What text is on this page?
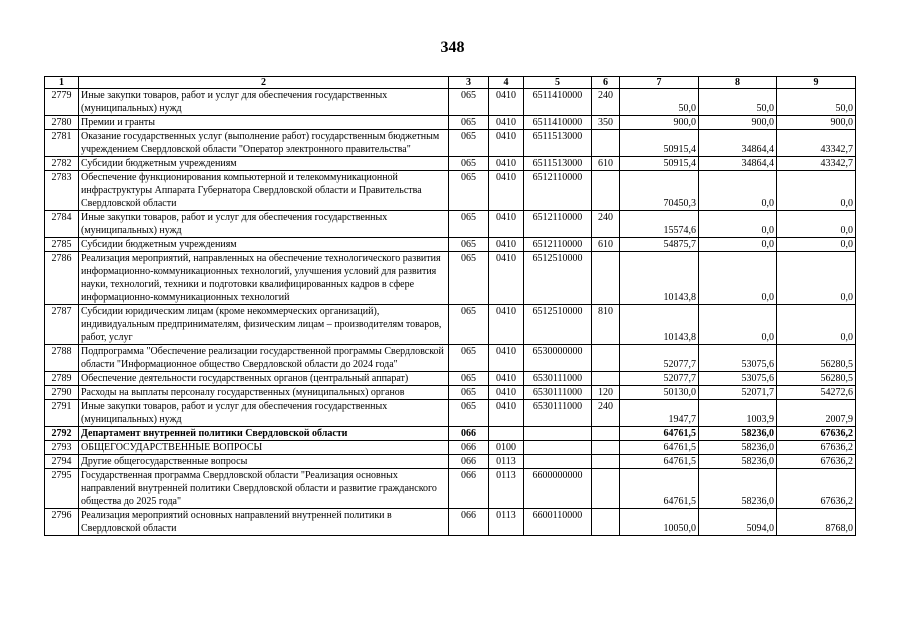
348
1	2	3	4	5	6	7	8	9
2779	Иные закупки товаров, работ и услуг для обеспечения государственных (муниципальных) нужд	065	0410	6511410000	240	50,0	50,0	50,0
2780	Премии и гранты	065	0410	6511410000	350	900,0	900,0	900,0
2781	Оказание государственных услуг (выполнение работ) государственным бюджетным учреждением Свердловской области "Оператор электронного правительства"	065	0410	6511513000		50915,4	34864,4	43342,7
2782	Субсидии бюджетным учреждениям	065	0410	6511513000	610	50915,4	34864,4	43342,7
2783	Обеспечение функционирования компьютерной и телекоммуникационной инфраструктуры Аппарата Губернатора Свердловской области и Правительства Свердловской области	065	0410	6512110000		70450,3	0,0	0,0
2784	Иные закупки товаров, работ и услуг для обеспечения государственных (муниципальных) нужд	065	0410	6512110000	240	15574,6	0,0	0,0
2785	Субсидии бюджетным учреждениям	065	0410	6512110000	610	54875,7	0,0	0,0
2786	Реализация мероприятий, направленных на обеспечение технологического развития информационно-коммуникационных технологий, улучшения условий для развития науки, технологий, техники и подготовки квалифицированных кадров в сфере информационно-коммуникационных технологий	065	0410	6512510000		10143,8	0,0	0,0
2787	Субсидии юридическим лицам (кроме некоммерческих организаций), индивидуальным предпринимателям, физическим лицам – производителям товаров, работ, услуг	065	0410	6512510000	810	10143,8	0,0	0,0
2788	Подпрограмма "Обеспечение реализации государственной программы Свердловской области "Информационное общество Свердловской области до 2024 года"	065	0410	6530000000		52077,7	53075,6	56280,5
2789	Обеспечение деятельности государственных органов (центральный аппарат)	065	0410	6530111000		52077,7	53075,6	56280,5
2790	Расходы на выплаты персоналу государственных (муниципальных) органов	065	0410	6530111000	120	50130,0	52071,7	54272,6
2791	Иные закупки товаров, работ и услуг для обеспечения государственных (муниципальных) нужд	065	0410	6530111000	240	1947,7	1003,9	2007,9
2792	Департамент внутренней политики Свердловской области	066				64761,5	58236,0	67636,2
2793	ОБЩЕГОСУДАРСТВЕННЫЕ ВОПРОСЫ	066	0100			64761,5	58236,0	67636,2
2794	Другие общегосударственные вопросы	066	0113			64761,5	58236,0	67636,2
2795	Государственная программа Свердловской области "Реализация основных направлений внутренней политики Свердловской области и развитие гражданского общества до 2025 года"	066	0113	6600000000		64761,5	58236,0	67636,2
2796	Реализация мероприятий основных направлений внутренней политики в Свердловской области	066	0113	6600110000		10050,0	5094,0	8768,0
